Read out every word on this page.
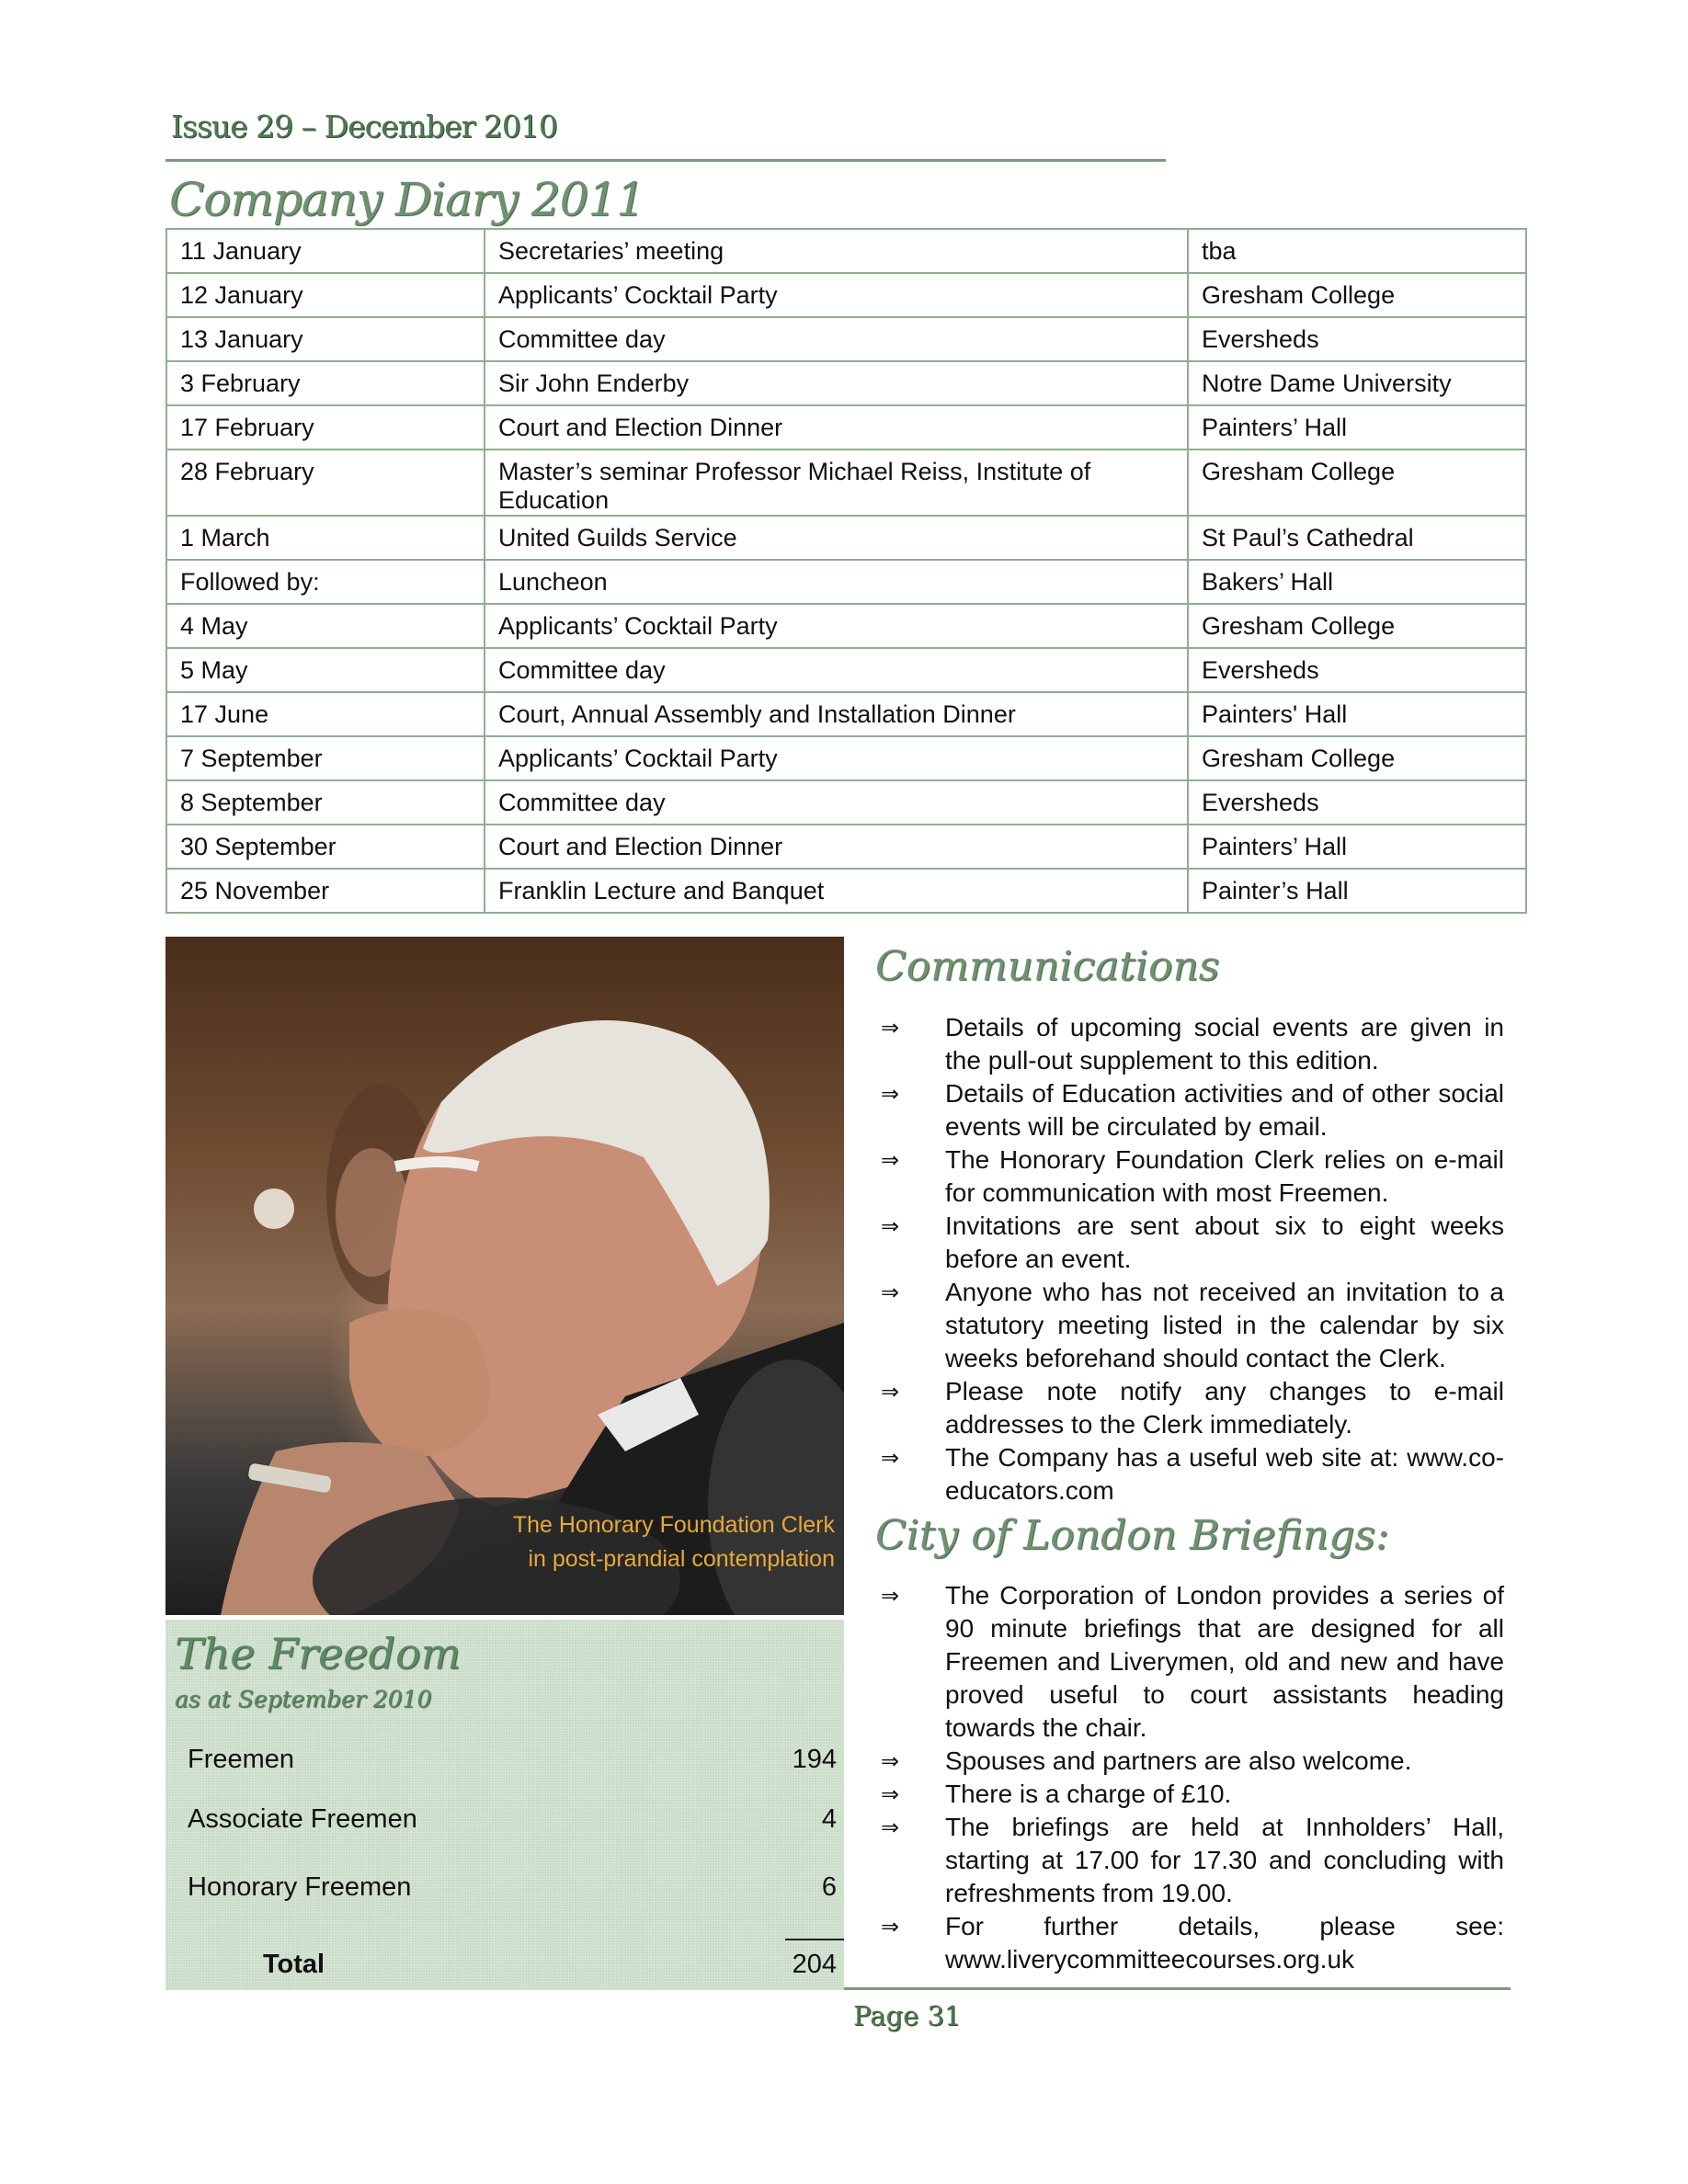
Issue 29 – December 2010
Company Diary 2011
11 January	Secretaries’ meeting	tba
12 January	Applicants’ Cocktail Party	Gresham College
13 January	Committee day	Eversheds
3 February	Sir John Enderby	Notre Dame University
17 February	Court and Election Dinner	Painters’ Hall
28 February	Master’s seminar Professor Michael Reiss, Institute of Education	Gresham College
1 March	United Guilds Service	St Paul’s Cathedral
Followed by:	Luncheon	Bakers’ Hall
4 May	Applicants’ Cocktail Party	Gresham College
5 May	Committee day	Eversheds
17 June	Court, Annual Assembly and Installation Dinner	Painters' Hall
7 September	Applicants’ Cocktail Party	Gresham College
8 September	Committee day	Eversheds
30 September	Court and Election Dinner	Painters’ Hall
25 November	Franklin Lecture and Banquet	Painter’s Hall
The Honorary Foundation Clerk
in post-prandial contemplation
The Freedom
as at September 2010
Freemen	194
Associate Freemen	4
Honorary Freemen	6
Total	204
Communications
⇒ Details of upcoming social events are given in the pull-out supplement to this edition.
⇒ Details of Education activities and of other social events will be circulated by email.
⇒ The Honorary Foundation Clerk relies on e-mail for communication with most Freemen.
⇒ Invitations are sent about six to eight weeks before an event.
⇒ Anyone who has not received an invitation to a statutory meeting listed in the calendar by six weeks beforehand should contact the Clerk.
⇒ Please note notify any changes to e-mail addresses to the Clerk immediately.
⇒ The Company has a useful web site at: www.co-educators.com
City of London Briefings:
⇒ The Corporation of London provides a series of 90 minute briefings that are designed for all Freemen and Liverymen, old and new and have proved useful to court assistants heading towards the chair.
⇒ Spouses and partners are also welcome.
⇒ There is a charge of £10.
⇒ The briefings are held at Innholders’ Hall, starting at 17.00 for 17.30 and concluding with refreshments from 19.00.
⇒ For further details, please see: www.liverycommitteecourses.org.uk
Page 31
